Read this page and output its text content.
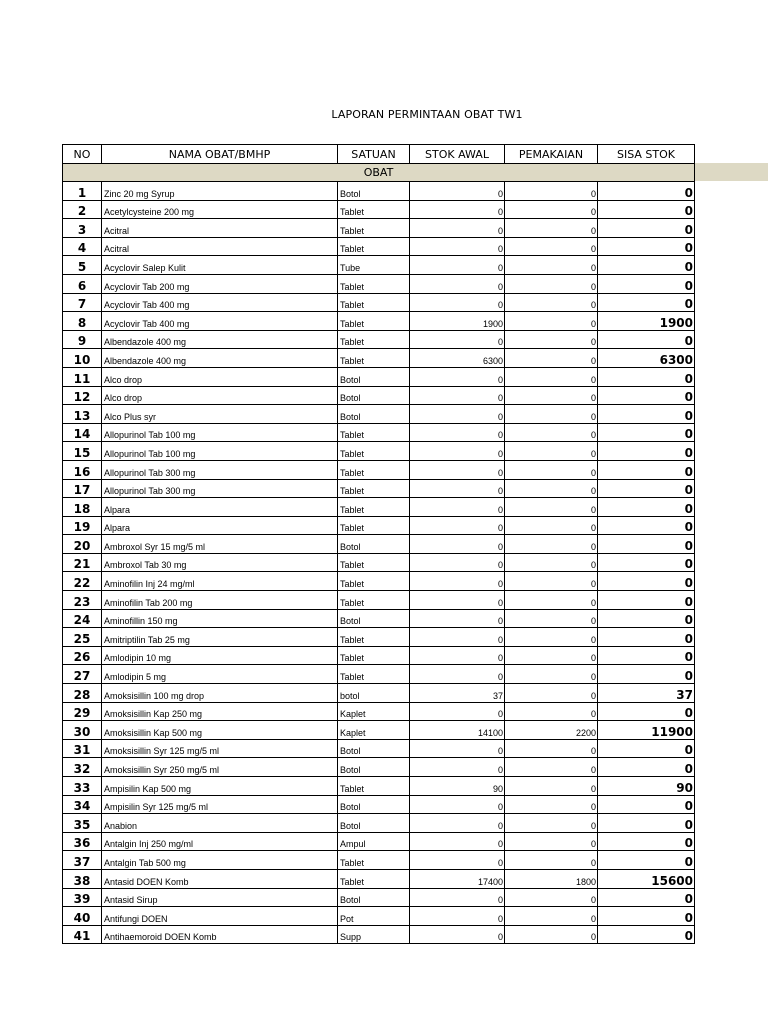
LAPORAN PERMINTAAN OBAT TW1
NO	NAMA OBAT/BMHP	SATUAN	STOK AWAL	PEMAKAIAN	SISA STOK
OBAT					
1	Zinc 20 mg Syrup	Botol	0	0	0
2	Acetylcysteine 200 mg	Tablet	0	0	0
3	Acitral	Tablet	0	0	0
4	Acitral	Tablet	0	0	0
5	Acyclovir Salep Kulit	Tube	0	0	0
6	Acyclovir Tab 200 mg	Tablet	0	0	0
7	Acyclovir Tab 400 mg	Tablet	0	0	0
8	Acyclovir Tab 400 mg	Tablet	1900	0	1900
9	Albendazole 400 mg	Tablet	0	0	0
10	Albendazole 400 mg	Tablet	6300	0	6300
11	Alco drop	Botol	0	0	0
12	Alco drop	Botol	0	0	0
13	Alco Plus syr	Botol	0	0	0
14	Allopurinol Tab 100 mg	Tablet	0	0	0
15	Allopurinol Tab 100 mg	Tablet	0	0	0
16	Allopurinol Tab 300 mg	Tablet	0	0	0
17	Allopurinol Tab 300 mg	Tablet	0	0	0
18	Alpara	Tablet	0	0	0
19	Alpara	Tablet	0	0	0
20	Ambroxol Syr 15 mg/5 ml	Botol	0	0	0
21	Ambroxol Tab 30 mg	Tablet	0	0	0
22	Aminofilin Inj 24 mg/ml	Tablet	0	0	0
23	Aminofilin Tab 200 mg	Tablet	0	0	0
24	Aminofillin 150 mg	Botol	0	0	0
25	Amitriptilin Tab 25 mg	Tablet	0	0	0
26	Amlodipin 10 mg	Tablet	0	0	0
27	Amlodipin 5 mg	Tablet	0	0	0
28	Amoksisillin 100 mg drop	botol	37	0	37
29	Amoksisillin Kap 250 mg	Kaplet	0	0	0
30	Amoksisillin Kap 500 mg	Kaplet	14100	2200	11900
31	Amoksisillin Syr 125 mg/5 ml	Botol	0	0	0
32	Amoksisillin Syr 250 mg/5 ml	Botol	0	0	0
33	Ampisilin Kap 500 mg	Tablet	90	0	90
34	Ampisilin Syr 125 mg/5 ml	Botol	0	0	0
35	Anabion	Botol	0	0	0
36	Antalgin Inj 250 mg/ml	Ampul	0	0	0
37	Antalgin Tab 500 mg	Tablet	0	0	0
38	Antasid DOEN Komb	Tablet	17400	1800	15600
39	Antasid Sirup	Botol	0	0	0
40	Antifungi DOEN	Pot	0	0	0
41	Antihaemoroid DOEN Komb	Supp	0	0	0
